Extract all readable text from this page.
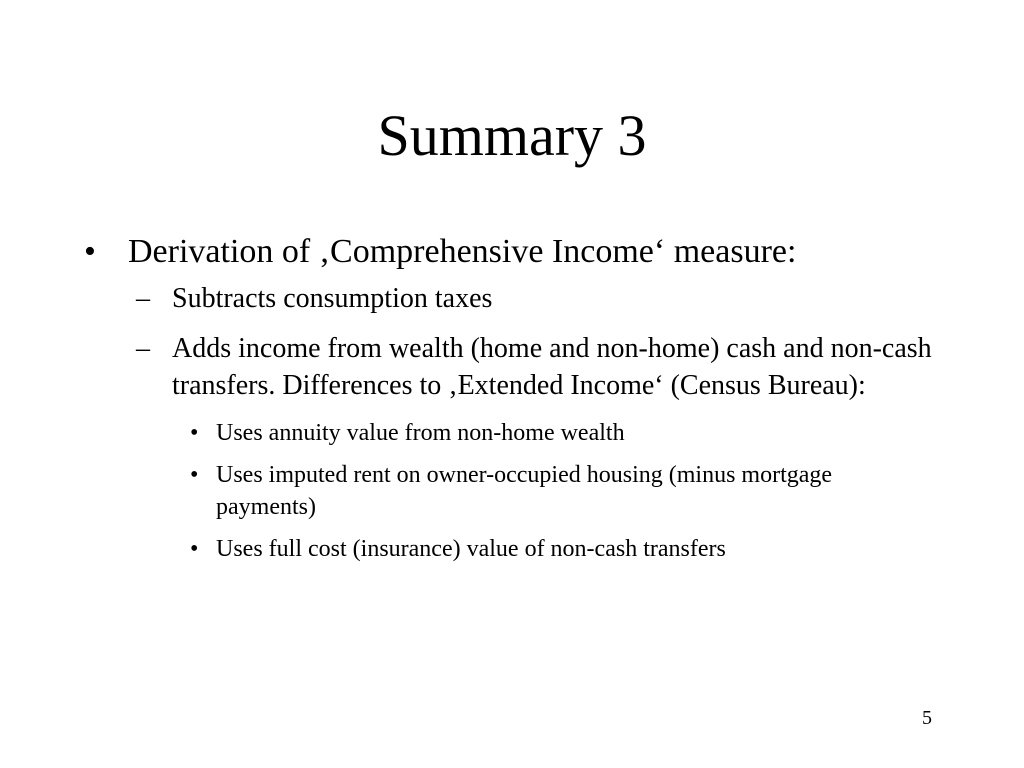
Summary 3
• Derivation of ‚Comprehensive Income‘ measure:
– Subtracts consumption taxes
– Adds income from wealth (home and non-home) cash and non-cash transfers. Differences to ‚Extended Income‘ (Census Bureau):
• Uses annuity value from non-home wealth
• Uses imputed rent on owner-occupied housing (minus mortgage payments)
• Uses full cost (insurance) value of non-cash transfers
5
